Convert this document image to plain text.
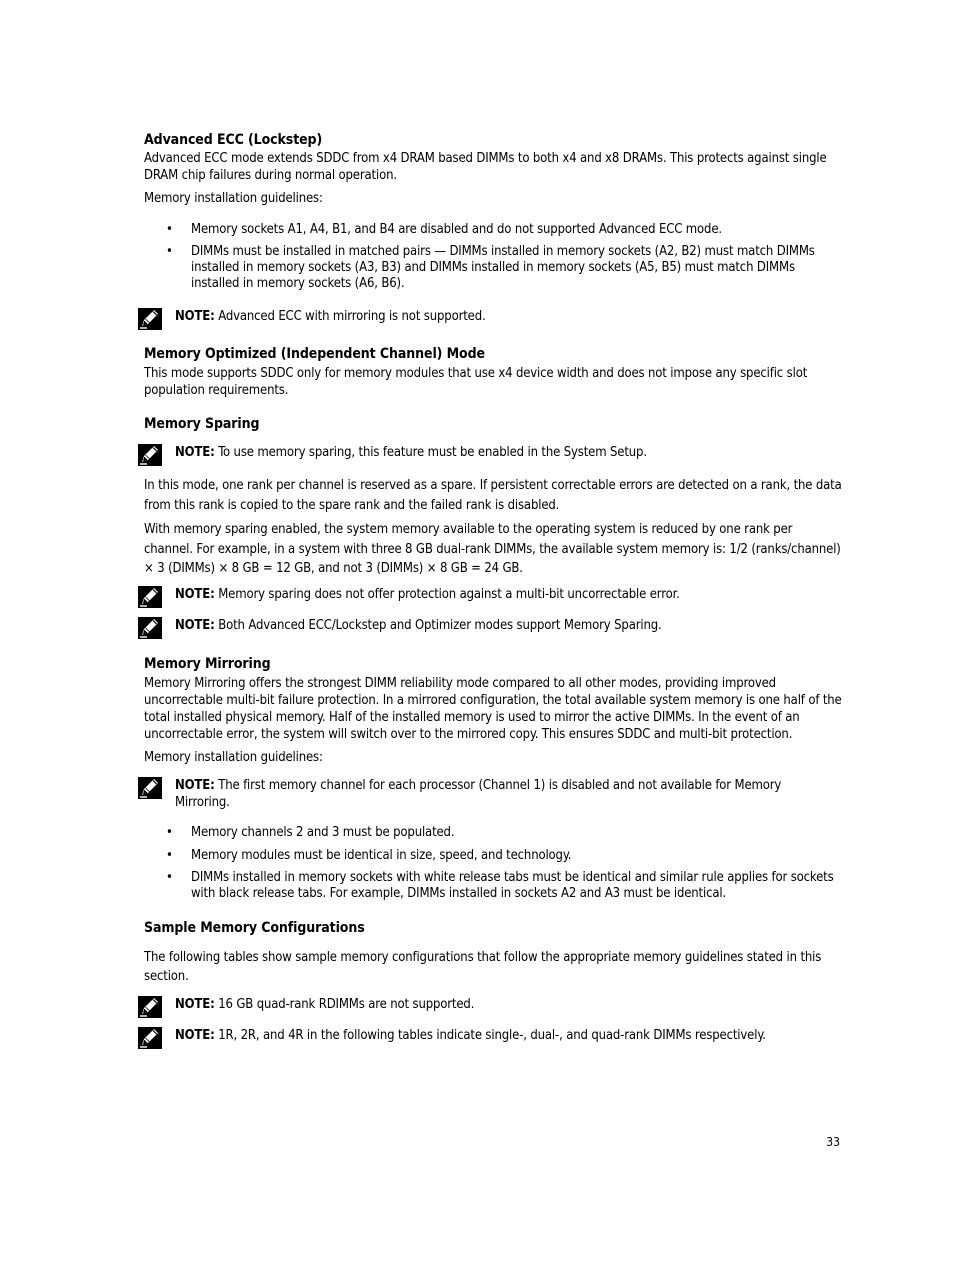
Advanced ECC (Lockstep)
Advanced ECC mode extends SDDC from x4 DRAM based DIMMs to both x4 and x8 DRAMs. This protects against single DRAM chip failures during normal operation.
Memory installation guidelines:
• Memory sockets A1, A4, B1, and B4 are disabled and do not supported Advanced ECC mode.
• DIMMs must be installed in matched pairs — DIMMs installed in memory sockets (A2, B2) must match DIMMs installed in memory sockets (A3, B3) and DIMMs installed in memory sockets (A5, B5) must match DIMMs installed in memory sockets (A6, B6).
NOTE: Advanced ECC with mirroring is not supported.
Memory Optimized (Independent Channel) Mode
This mode supports SDDC only for memory modules that use x4 device width and does not impose any specific slot population requirements.
Memory Sparing
NOTE: To use memory sparing, this feature must be enabled in the System Setup.
In this mode, one rank per channel is reserved as a spare. If persistent correctable errors are detected on a rank, the data from this rank is copied to the spare rank and the failed rank is disabled.
With memory sparing enabled, the system memory available to the operating system is reduced by one rank per channel. For example, in a system with three 8 GB dual-rank DIMMs, the available system memory is: 1/2 (ranks/channel) × 3 (DIMMs) × 8 GB = 12 GB, and not 3 (DIMMs) × 8 GB = 24 GB.
NOTE: Memory sparing does not offer protection against a multi-bit uncorrectable error.
NOTE: Both Advanced ECC/Lockstep and Optimizer modes support Memory Sparing.
Memory Mirroring
Memory Mirroring offers the strongest DIMM reliability mode compared to all other modes, providing improved uncorrectable multi-bit failure protection. In a mirrored configuration, the total available system memory is one half of the total installed physical memory. Half of the installed memory is used to mirror the active DIMMs. In the event of an uncorrectable error, the system will switch over to the mirrored copy. This ensures SDDC and multi-bit protection.
Memory installation guidelines:
NOTE: The first memory channel for each processor (Channel 1) is disabled and not available for Memory Mirroring.
• Memory channels 2 and 3 must be populated.
• Memory modules must be identical in size, speed, and technology.
• DIMMs installed in memory sockets with white release tabs must be identical and similar rule applies for sockets with black release tabs. For example, DIMMs installed in sockets A2 and A3 must be identical.
Sample Memory Configurations
The following tables show sample memory configurations that follow the appropriate memory guidelines stated in this section.
NOTE: 16 GB quad-rank RDIMMs are not supported.
NOTE: 1R, 2R, and 4R in the following tables indicate single-, dual-, and quad-rank DIMMs respectively.
33
